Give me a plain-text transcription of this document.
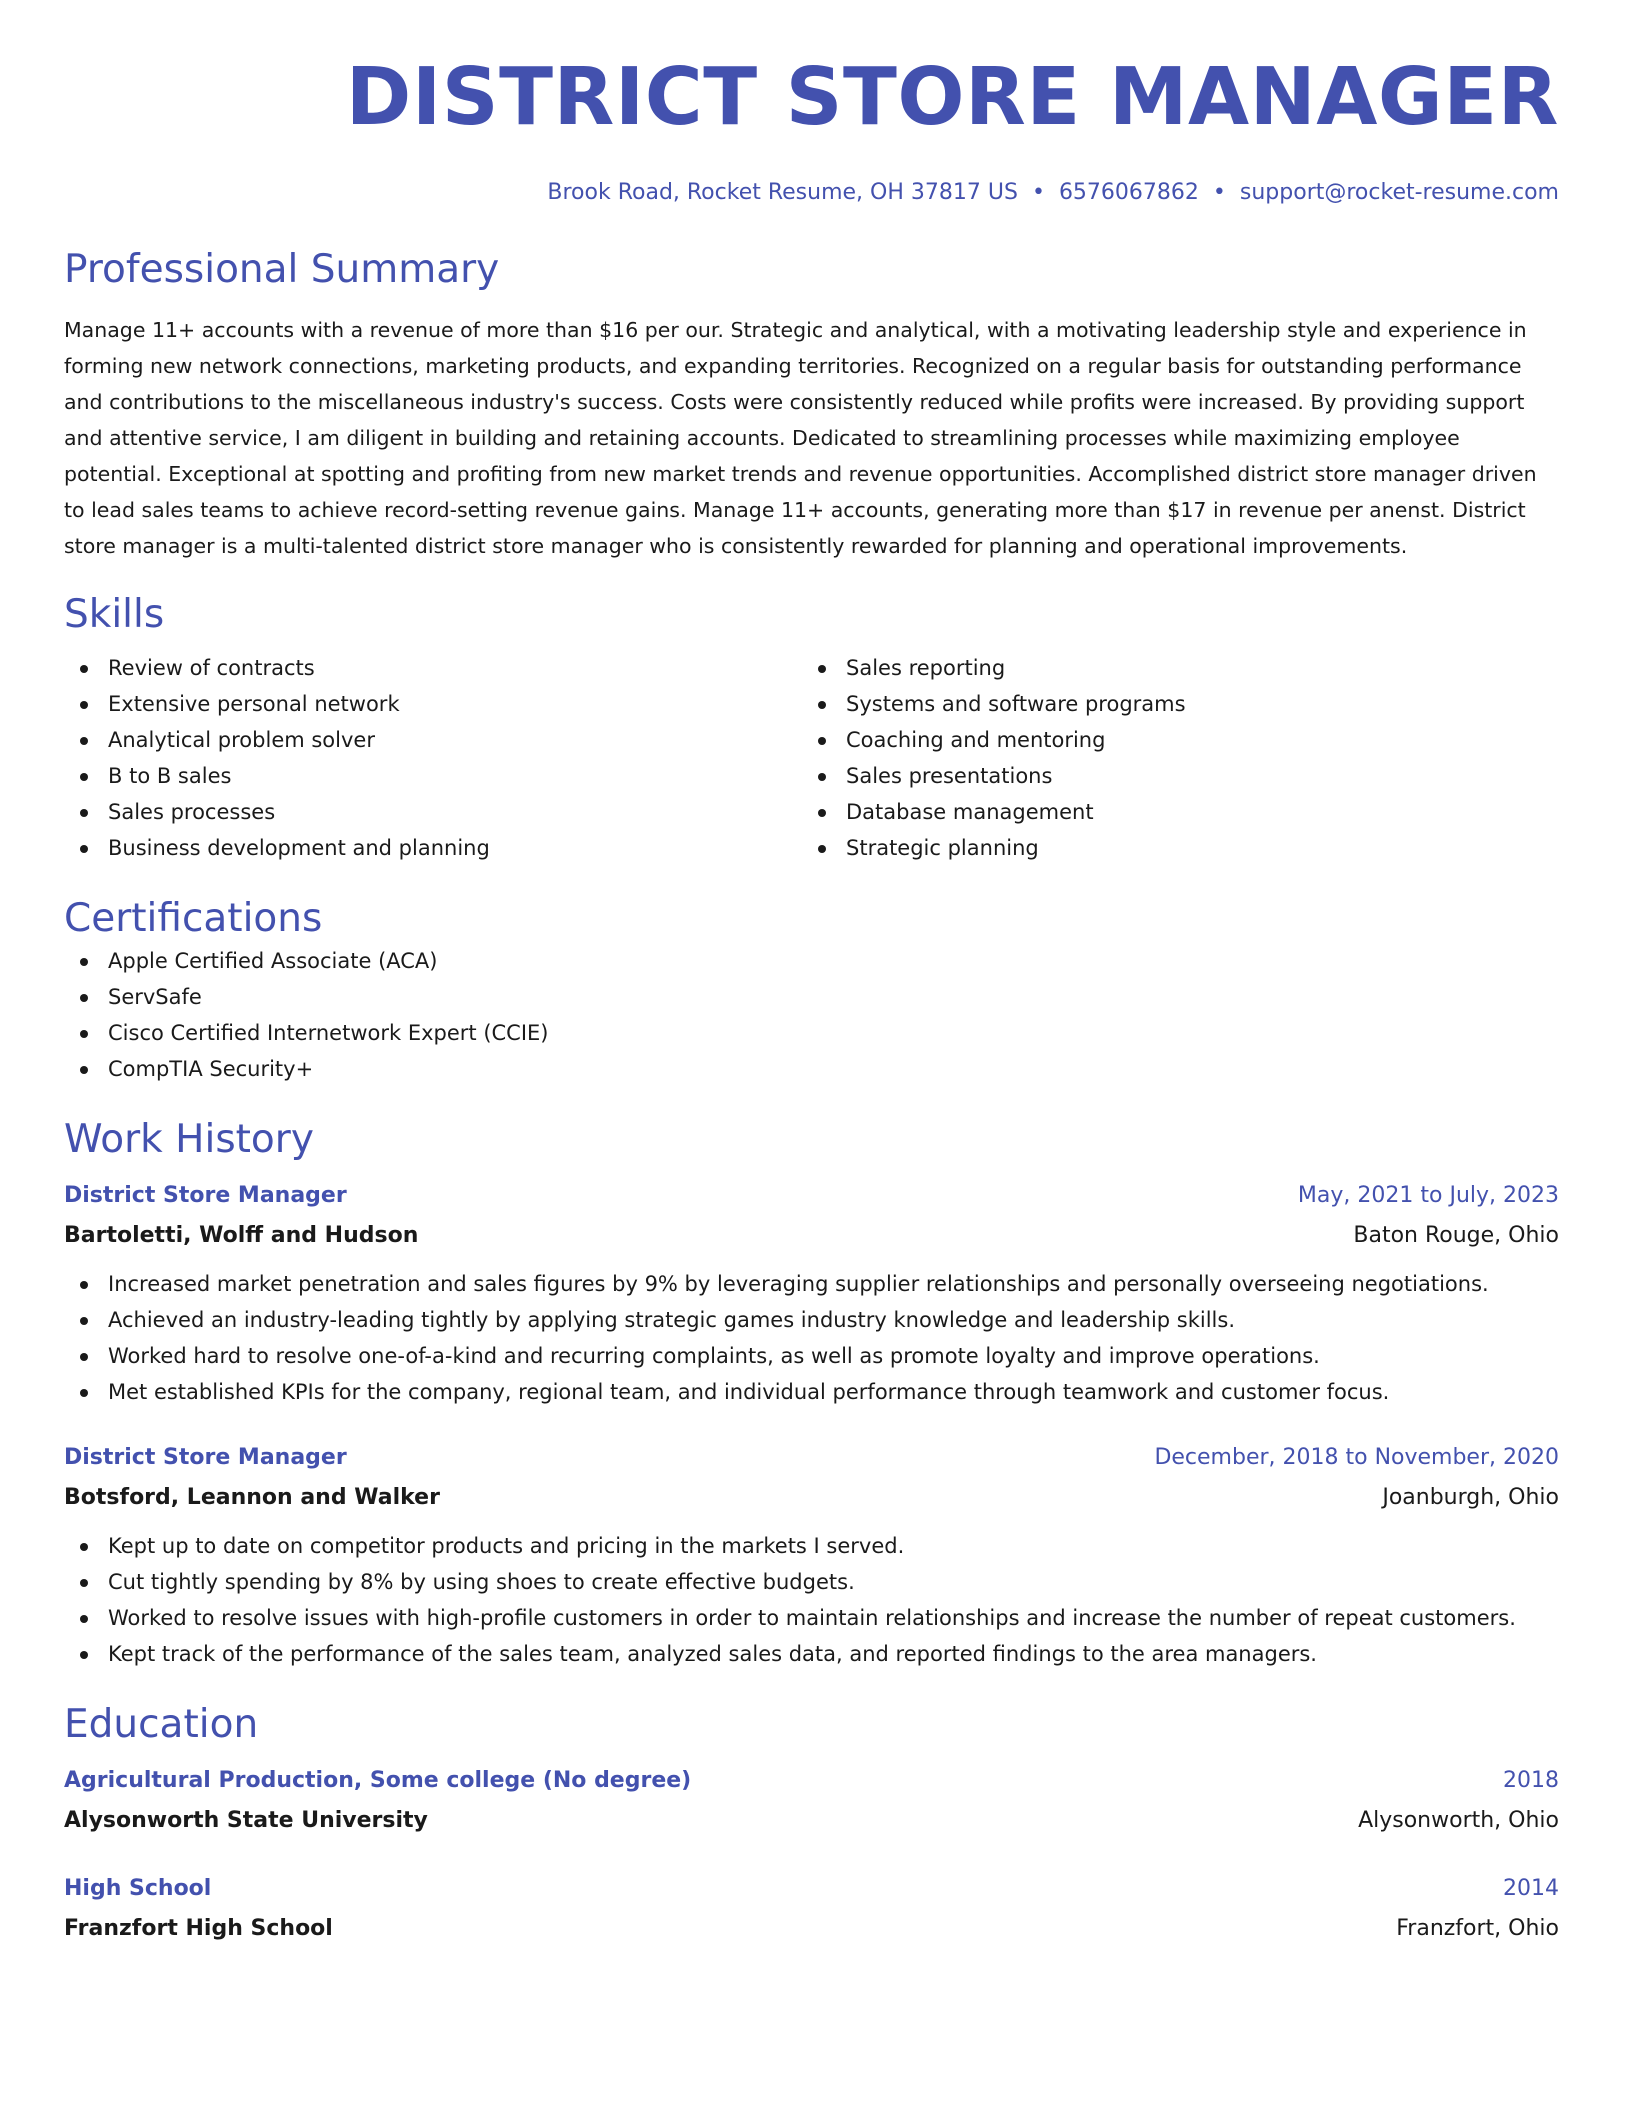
DISTRICT STORE MANAGER
Brook Road, Rocket Resume, OH 37817 US • 6576067862 • support@rocket-resume.com
Professional Summary
Manage 11+ accounts with a revenue of more than $16 per our. Strategic and analytical, with a motivating leadership style and experience in forming new network connections, marketing products, and expanding territories. Recognized on a regular basis for outstanding performance and contributions to the miscellaneous industry's success. Costs were consistently reduced while profits were increased. By providing support and attentive service, I am diligent in building and retaining accounts. Dedicated to streamlining processes while maximizing employee potential. Exceptional at spotting and profiting from new market trends and revenue opportunities. Accomplished district store manager driven to lead sales teams to achieve record-setting revenue gains. Manage 11+ accounts, generating more than $17 in revenue per anenst. District store manager is a multi-talented district store manager who is consistently rewarded for planning and operational improvements.
Skills
Review of contracts
Extensive personal network
Analytical problem solver
B to B sales
Sales processes
Business development and planning
Sales reporting
Systems and software programs
Coaching and mentoring
Sales presentations
Database management
Strategic planning
Certifications
Apple Certified Associate (ACA)
ServSafe
Cisco Certified Internetwork Expert (CCIE)
CompTIA Security+
Work History
District Store Manager	May, 2021 to July, 2023
Bartoletti, Wolff and Hudson	Baton Rouge, Ohio
Increased market penetration and sales figures by 9% by leveraging supplier relationships and personally overseeing negotiations.
Achieved an industry-leading tightly by applying strategic games industry knowledge and leadership skills.
Worked hard to resolve one-of-a-kind and recurring complaints, as well as promote loyalty and improve operations.
Met established KPIs for the company, regional team, and individual performance through teamwork and customer focus.
District Store Manager	December, 2018 to November, 2020
Botsford, Leannon and Walker	Joanburgh, Ohio
Kept up to date on competitor products and pricing in the markets I served.
Cut tightly spending by 8% by using shoes to create effective budgets.
Worked to resolve issues with high-profile customers in order to maintain relationships and increase the number of repeat customers.
Kept track of the performance of the sales team, analyzed sales data, and reported findings to the area managers.
Education
Agricultural Production, Some college (No degree)	2018
Alysonworth State University	Alysonworth, Ohio
High School	2014
Franzfort High School	Franzfort, Ohio
